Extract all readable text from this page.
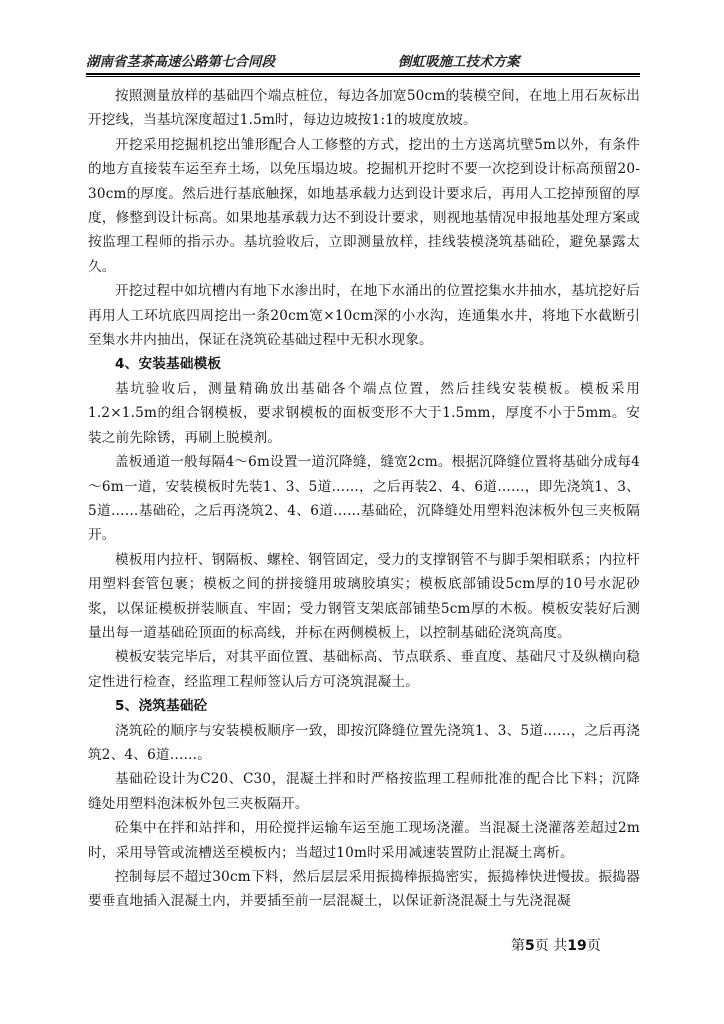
湖南省茎茶高速公路第七合同段	倒虹吸施工技术方案

按照测量放样的基础四个端点桩位，每边各加宽50cm的装模空间，在地上用石灰标出开挖线，当基坑深度超过1.5m时，每边边坡按1:1的坡度放坡。

开挖采用挖掘机挖出雏形配合人工修整的方式，挖出的土方送离坑壁5m以外，有条件的地方直接装车运至弃土场，以免压塌边坡。挖掘机开挖时不要一次挖到设计标高预留20-30cm的厚度。然后进行基底触探，如地基承载力达到设计要求后，再用人工挖掉预留的厚度，修整到设计标高。如果地基承载力达不到设计要求，则视地基情况申报地基处理方案或按监理工程师的指示办。基坑验收后，立即测量放样，挂线装模浇筑基础砼，避免暴露太久。

开挖过程中如坑槽内有地下水渗出时，在地下水涌出的位置挖集水井抽水，基坑挖好后再用人工环坑底四周挖出一条20cm宽×10cm深的小水沟，连通集水井，将地下水截断引至集水井内抽出，保证在浇筑砼基础过程中无积水现象。

4、安装基础模板

基坑验收后，测量精确放出基础各个端点位置，然后挂线安装模板。模板采用1.2×1.5m的组合钢模板，要求钢模板的面板变形不大于1.5mm，厚度不小于5mm。安装之前先除锈，再刷上脱模剂。

盖板通道一般每隔4～6m设置一道沉降缝，缝宽2cm。根据沉降缝位置将基础分成每4～6m一道，安装模板时先装1、3、5道……，之后再装2、4、6道……，即先浇筑1、3、5道……基础砼，之后再浇筑2、4、6道……基础砼，沉降缝处用塑料泡沫板外包三夹板隔开。

模板用内拉杆、钢隔板、螺栓、钢管固定，受力的支撑钢管不与脚手架相联系；内拉杆用塑料套管包裹；模板之间的拼接缝用玻璃胶填实；模板底部铺设5cm厚的10号水泥砂浆，以保证模板拼装顺直、牢固；受力钢管支架底部铺垫5cm厚的木板。模板安装好后测量出每一道基础砼顶面的标高线，并标在两侧模板上，以控制基础砼浇筑高度。

模板安装完毕后，对其平面位置、基础标高、节点联系、垂直度、基础尺寸及纵横向稳定性进行检查，经监理工程师签认后方可浇筑混凝土。

5、浇筑基础砼

浇筑砼的顺序与安装模板顺序一致，即按沉降缝位置先浇筑1、3、5道……，之后再浇筑2、4、6道……。

基础砼设计为C20、C30，混凝土拌和时严格按监理工程师批准的配合比下料；沉降缝处用塑料泡沫板外包三夹板隔开。

砼集中在拌和站拌和，用砼搅拌运输车运至施工现场浇灌。当混凝土浇灌落差超过2m时，采用导管或流槽送至模板内；当超过10m时采用减速装置防止混凝土离析。

控制每层不超过30cm下料，然后层层采用振捣棒振捣密实，振捣棒快进慢拔。振捣器要垂直地插入混凝土内，并要插至前一层混凝土，以保证新浇混凝土与先浇混凝

第5页 共19页
